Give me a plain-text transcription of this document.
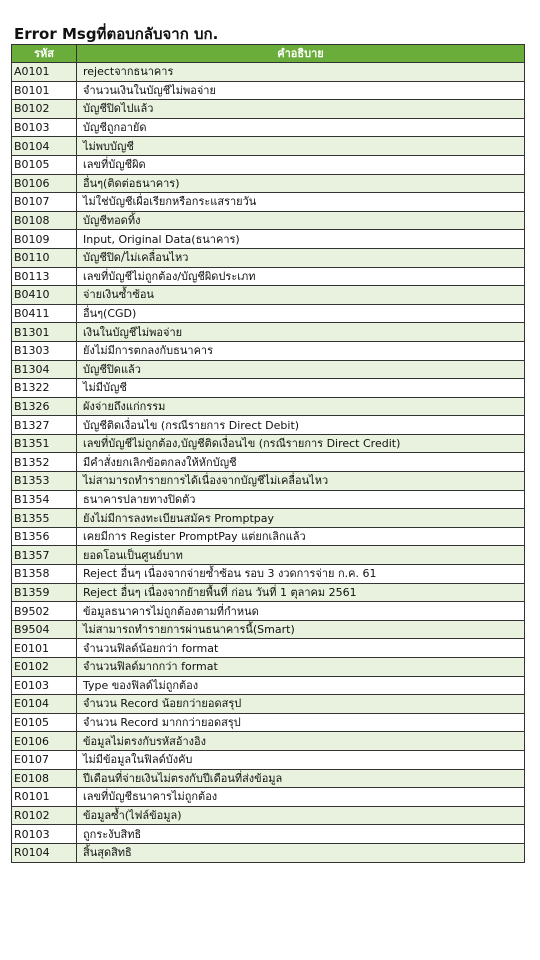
Error Msgที่ตอบกลับจาก บก.
รหัส	คำอธิบาย
A0101	rejectจากธนาคาร
B0101	จำนวนเงินในบัญชีไม่พอจ่าย
B0102	บัญชีปิดไปแล้ว
B0103	บัญชีถูกอายัด
B0104	ไม่พบบัญชี
B0105	เลขที่บัญชีผิด
B0106	อื่นๆ(ติดต่อธนาคาร)
B0107	ไม่ใช่บัญชีเผื่อเรียกหรือกระแสรายวัน
B0108	บัญชีทอดทิ้ง
B0109	Input, Original Data(ธนาคาร)
B0110	บัญชีปิด/ไม่เคลื่อนไหว
B0113	เลขที่บัญชีไม่ถูกต้อง/บัญชีผิดประเภท
B0410	จ่ายเงินซ้ำซ้อน
B0411	อื่นๆ(CGD)
B1301	เงินในบัญชีไม่พอจ่าย
B1303	ยังไม่มีการตกลงกับธนาคาร
B1304	บัญชีปิดแล้ว
B1322	ไม่มีบัญชี
B1326	ผังจ่ายถึงแก่กรรม
B1327	บัญชีติดเงื่อนไข (กรณีรายการ Direct Debit)
B1351	เลขที่บัญชีไม่ถูกต้อง,บัญชีติดเงื่อนไข (กรณีรายการ Direct Credit)
B1352	มีคำสั่งยกเลิกข้อตกลงให้หักบัญชี
B1353	ไม่สามารถทำรายการได้เนื่องจากบัญชีไม่เคลื่อนไหว
B1354	ธนาคารปลายทางปิดตัว
B1355	ยังไม่มีการลงทะเบียนสมัคร Promptpay
B1356	เคยมีการ Register PromptPay แต่ยกเลิกแล้ว
B1357	ยอดโอนเป็นศูนย์บาท
B1358	Reject อื่นๆ เนื่องจากจ่ายซ้ำซ้อน รอบ 3 งวดการจ่าย ก.ค. 61
B1359	Reject อื่นๆ เนื่องจากย้ายพื้นที่ ก่อน วันที่ 1 ตุลาคม 2561
B9502	ข้อมูลธนาคารไม่ถูกต้องตามที่กำหนด
B9504	ไม่สามารถทำรายการผ่านธนาคารนี้(Smart)
E0101	จำนวนฟิลด์น้อยกว่า format
E0102	จำนวนฟิลด์มากกว่า format
E0103	Type ของฟิลด์ไม่ถูกต้อง
E0104	จำนวน Record น้อยกว่ายอดสรุป
E0105	จำนวน Record มากกว่ายอดสรุป
E0106	ข้อมูลไม่ตรงกับรหัสอ้างอิง
E0107	ไม่มีข้อมูลในฟิลด์บังคับ
E0108	ปีเดือนที่จ่ายเงินไม่ตรงกับปีเดือนที่ส่งข้อมูล
R0101	เลขที่บัญชีธนาคารไม่ถูกต้อง
R0102	ข้อมูลซ้ำ(ไฟล์ข้อมูล)
R0103	ถูกระงับสิทธิ
R0104	สิ้นสุดสิทธิ
